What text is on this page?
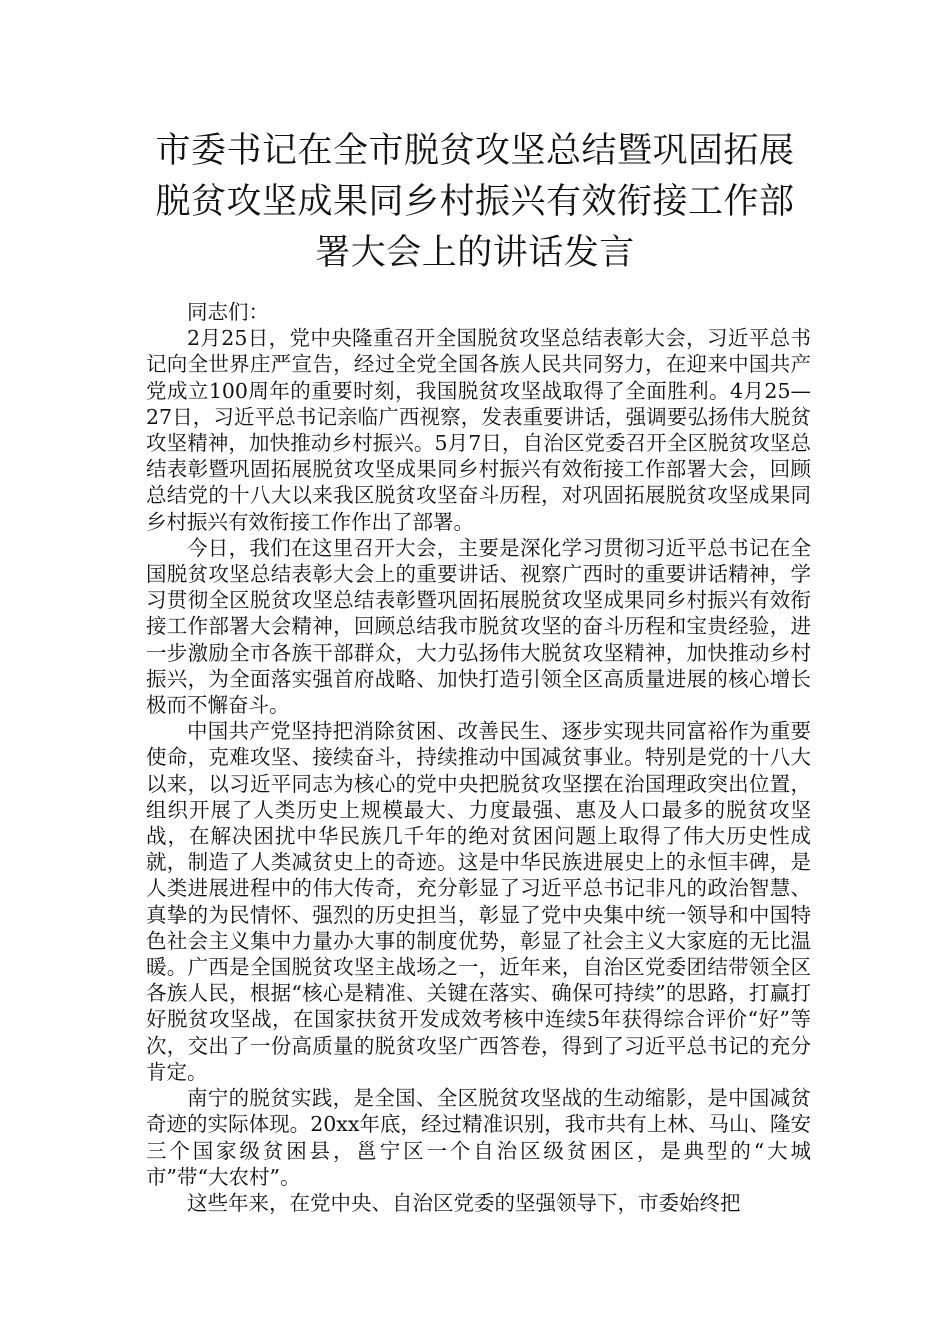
市委书记在全市脱贫攻坚总结暨巩固拓展脱贫攻坚成果同乡村振兴有效衔接工作部署大会上的讲话发言

同志们：

2月25日，党中央隆重召开全国脱贫攻坚总结表彰大会，习近平总书记向全世界庄严宣告，经过全党全国各族人民共同努力，在迎来中国共产党成立100周年的重要时刻，我国脱贫攻坚战取得了全面胜利。4月25—27日，习近平总书记亲临广西视察，发表重要讲话，强调要弘扬伟大脱贫攻坚精神，加快推动乡村振兴。5月7日，自治区党委召开全区脱贫攻坚总结表彰暨巩固拓展脱贫攻坚成果同乡村振兴有效衔接工作部署大会，回顾总结党的十八大以来我区脱贫攻坚奋斗历程，对巩固拓展脱贫攻坚成果同乡村振兴有效衔接工作作出了部署。

今日，我们在这里召开大会，主要是深化学习贯彻习近平总书记在全国脱贫攻坚总结表彰大会上的重要讲话、视察广西时的重要讲话精神，学习贯彻全区脱贫攻坚总结表彰暨巩固拓展脱贫攻坚成果同乡村振兴有效衔接工作部署大会精神，回顾总结我市脱贫攻坚的奋斗历程和宝贵经验，进一步激励全市各族干部群众，大力弘扬伟大脱贫攻坚精神，加快推动乡村振兴，为全面落实强首府战略、加快打造引领全区高质量进展的核心增长极而不懈奋斗。

中国共产党坚持把消除贫困、改善民生、逐步实现共同富裕作为重要使命，克难攻坚、接续奋斗，持续推动中国减贫事业。特别是党的十八大以来，以习近平同志为核心的党中央把脱贫攻坚摆在治国理政突出位置，组织开展了人类历史上规模最大、力度最强、惠及人口最多的脱贫攻坚战，在解决困扰中华民族几千年的绝对贫困问题上取得了伟大历史性成就，制造了人类减贫史上的奇迹。这是中华民族进展史上的永恒丰碑，是人类进展进程中的伟大传奇，充分彰显了习近平总书记非凡的政治智慧、真挚的为民情怀、强烈的历史担当，彰显了党中央集中统一领导和中国特色社会主义集中力量办大事的制度优势，彰显了社会主义大家庭的无比温暖。广西是全国脱贫攻坚主战场之一，近年来，自治区党委团结带领全区各族人民，根据“核心是精准、关键在落实、确保可持续”的思路，打赢打好脱贫攻坚战，在国家扶贫开发成效考核中连续5年获得综合评价“好”等次，交出了一份高质量的脱贫攻坚广西答卷，得到了习近平总书记的充分肯定。

南宁的脱贫实践，是全国、全区脱贫攻坚战的生动缩影，是中国减贫奇迹的实际体现。20xx年底，经过精准识别，我市共有上林、马山、隆安三个国家级贫困县，邕宁区一个自治区级贫困区，是典型的“大城市”带“大农村”。

这些年来，在党中央、自治区党委的坚强领导下，市委始终把
